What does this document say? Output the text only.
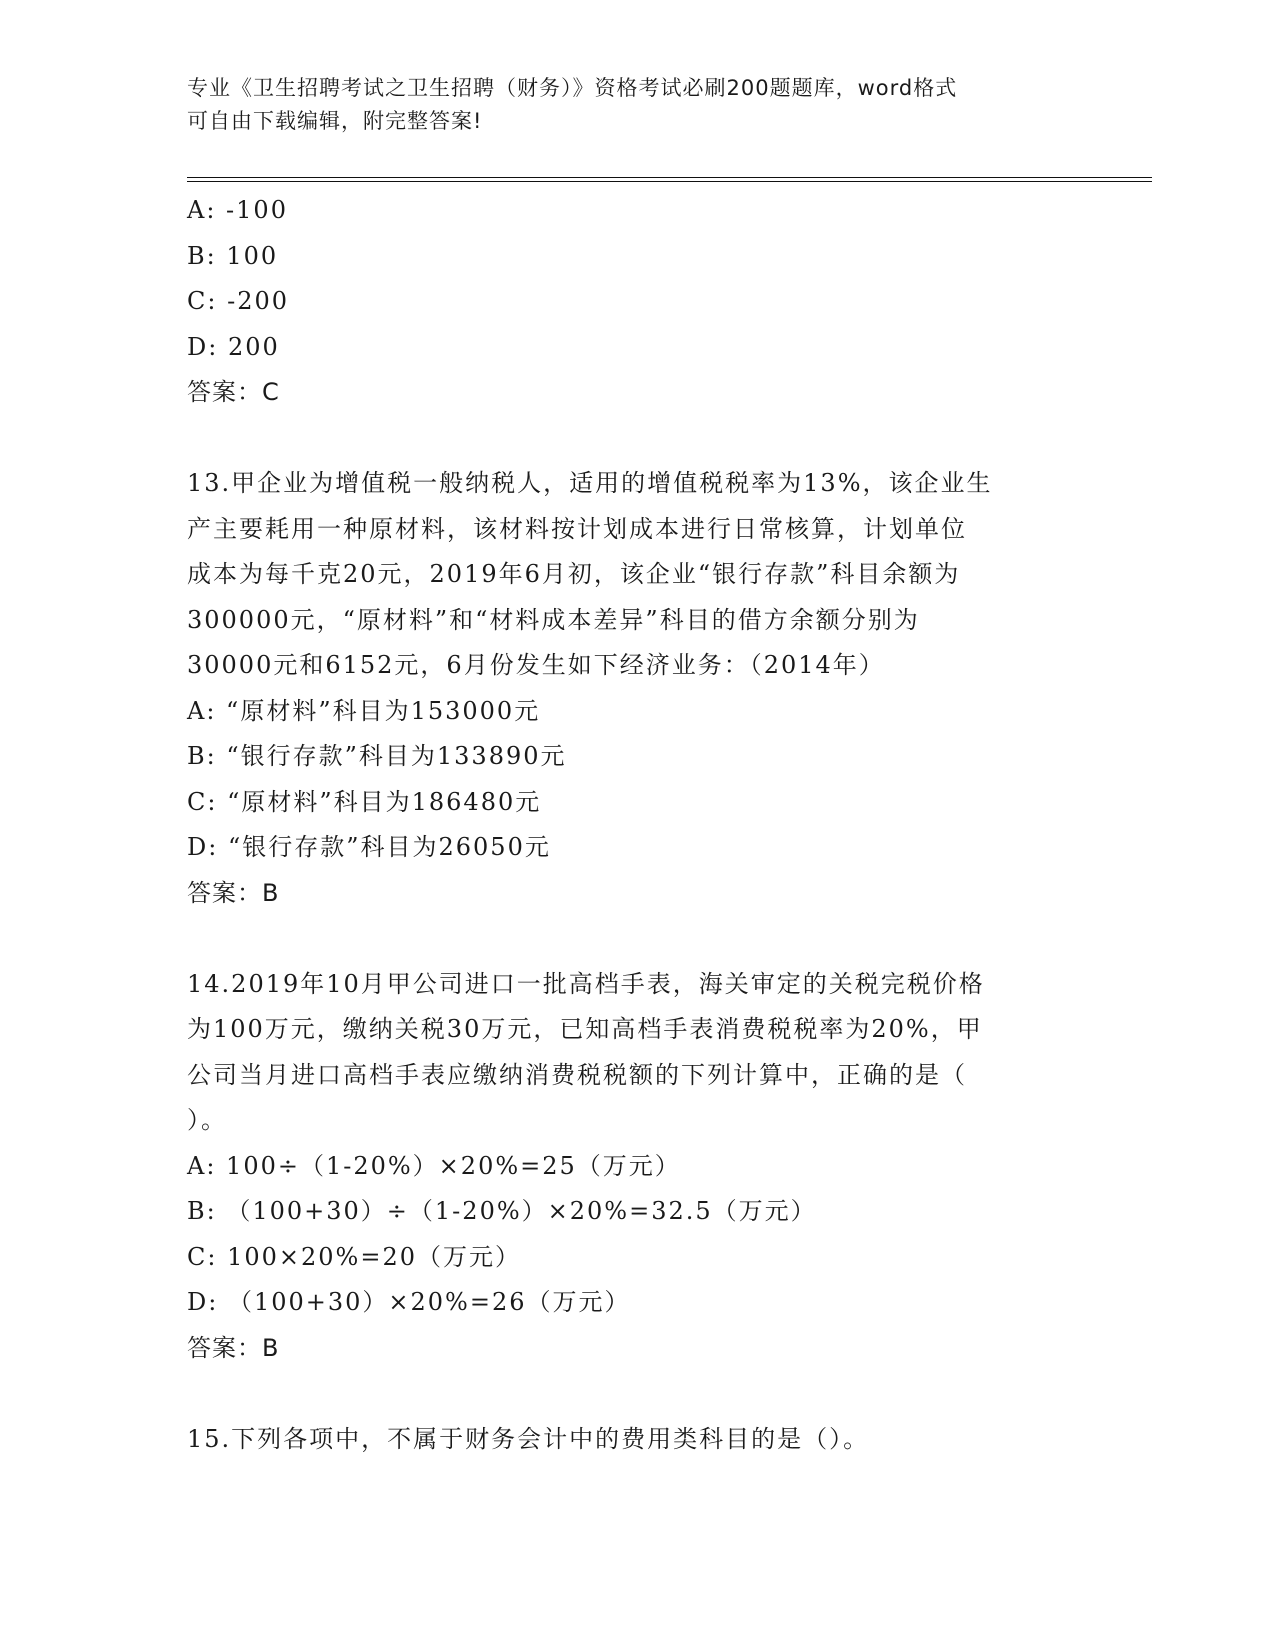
专业《卫生招聘考试之卫生招聘（财务）》资格考试必刷200题题库，word格式
可自由下载编辑，附完整答案!
A: -100
B: 100
C: -200
D: 200
答案：C
13.甲企业为增值税一般纳税人，适用的增值税税率为13%，该企业生
产主要耗用一种原材料，该材料按计划成本进行日常核算，计划单位
成本为每千克20元，2019年6月初，该企业“银行存款”科目余额为
300000元，“原材料”和“材料成本差异”科目的借方余额分别为
30000元和6152元，6月份发生如下经济业务：（2014年）
A: “原材料”科目为153000元
B: “银行存款”科目为133890元
C: “原材料”科目为186480元
D: “银行存款”科目为26050元
答案：B
14.2019年10月甲公司进口一批高档手表，海关审定的关税完税价格
为100万元，缴纳关税30万元，已知高档手表消费税税率为20%，甲
公司当月进口高档手表应缴纳消费税税额的下列计算中，正确的是（
）。
A: 100÷（1-20%）×20%=25（万元）
B: （100+30）÷（1-20%）×20%=32.5（万元）
C: 100×20%=20（万元）
D: （100+30）×20%=26（万元）
答案：B
15.下列各项中，不属于财务会计中的费用类科目的是（）。
